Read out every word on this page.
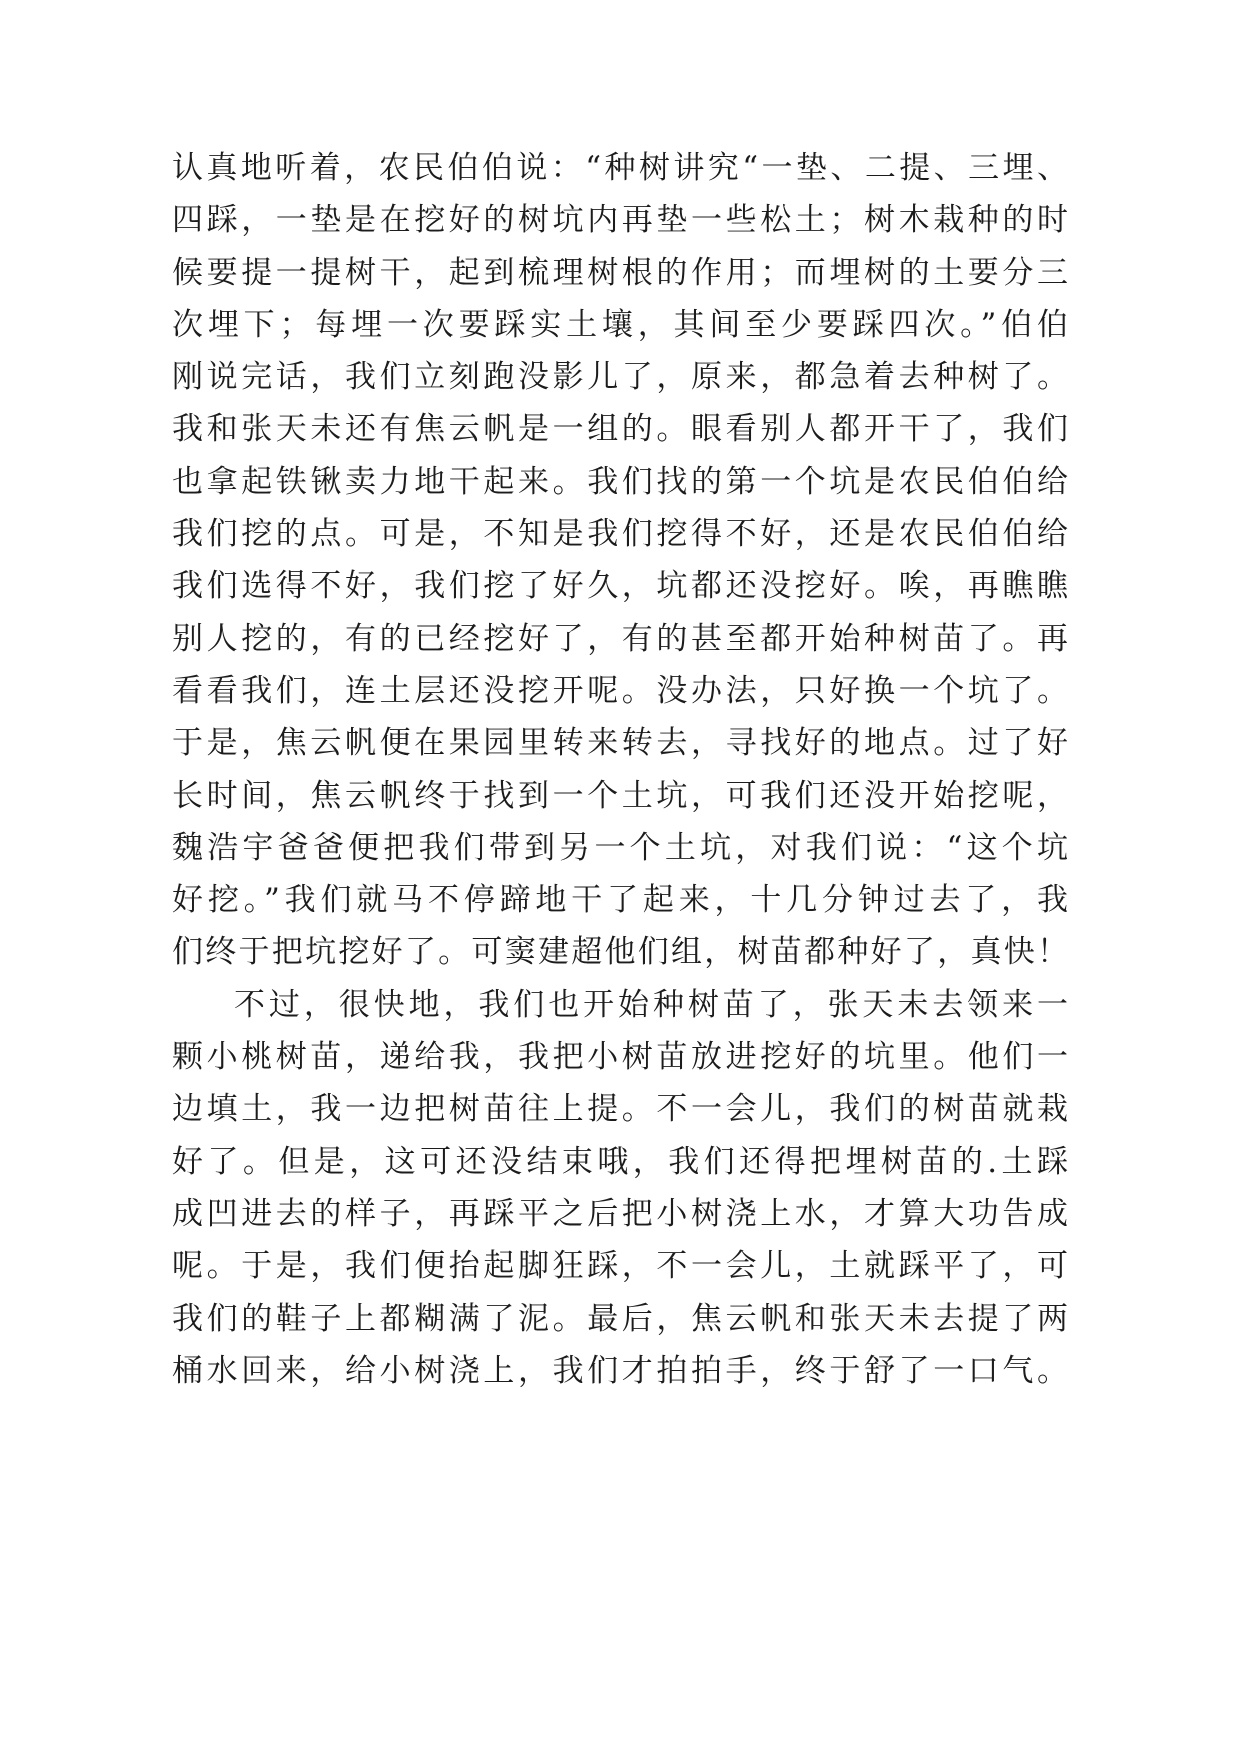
认真地听着，农民伯伯说：“种树讲究“一垫、二提、三埋、
四踩，一垫是在挖好的树坑内再垫一些松土；树木栽种的时
候要提一提树干，起到梳理树根的作用；而埋树的土要分三
次埋下；每埋一次要踩实土壤，其间至少要踩四次。”伯伯
刚说完话，我们立刻跑没影儿了，原来，都急着去种树了。
我和张天未还有焦云帆是一组的。眼看别人都开干了，我们
也拿起铁锹卖力地干起来。我们找的第一个坑是农民伯伯给
我们挖的点。可是，不知是我们挖得不好，还是农民伯伯给
我们选得不好，我们挖了好久，坑都还没挖好。唉，再瞧瞧
别人挖的，有的已经挖好了，有的甚至都开始种树苗了。再
看看我们，连土层还没挖开呢。没办法，只好换一个坑了。
于是，焦云帆便在果园里转来转去，寻找好的地点。过了好
长时间，焦云帆终于找到一个土坑，可我们还没开始挖呢，
魏浩宇爸爸便把我们带到另一个土坑，对我们说：“这个坑
好挖。”我们就马不停蹄地干了起来，十几分钟过去了，我
们终于把坑挖好了。可窦建超他们组，树苗都种好了，真快！
不过，很快地，我们也开始种树苗了，张天未去领来一
颗小桃树苗，递给我，我把小树苗放进挖好的坑里。他们一
边填土，我一边把树苗往上提。不一会儿，我们的树苗就栽
好了。但是，这可还没结束哦，我们还得把埋树苗的.土踩
成凹进去的样子，再踩平之后把小树浇上水，才算大功告成
呢。于是，我们便抬起脚狂踩，不一会儿，土就踩平了，可
我们的鞋子上都糊满了泥。最后，焦云帆和张天未去提了两
桶水回来，给小树浇上，我们才拍拍手，终于舒了一口气。
